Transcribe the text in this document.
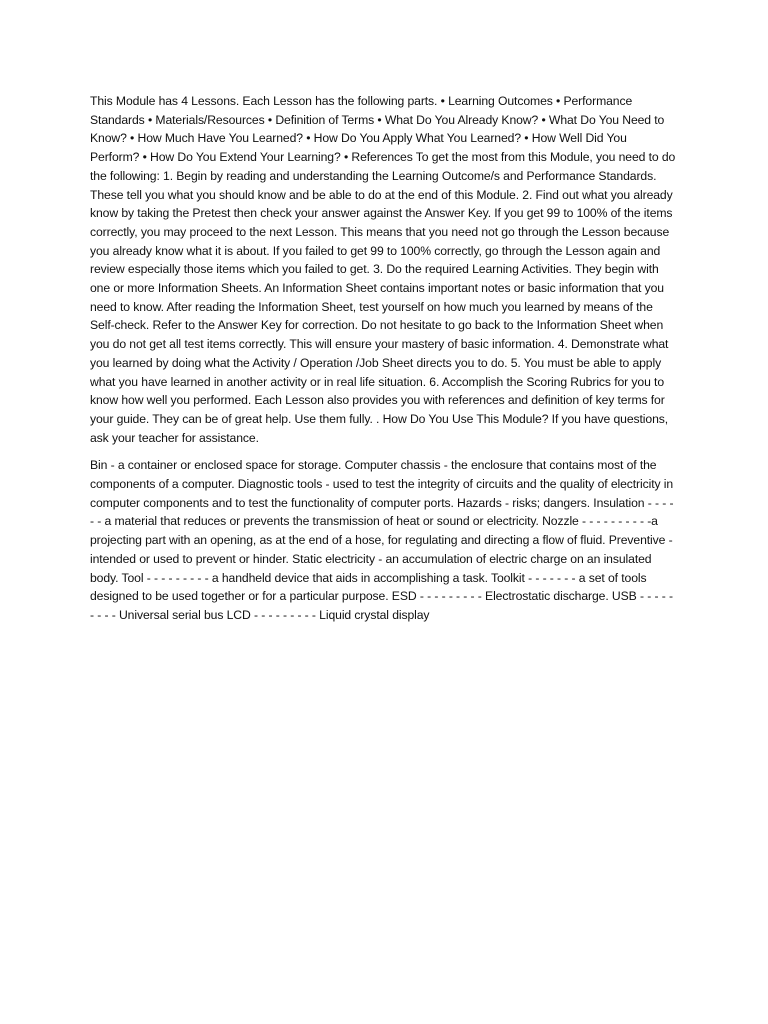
This Module has 4 Lessons. Each Lesson has the following parts. • Learning Outcomes • Performance Standards • Materials/Resources • Definition of Terms • What Do You Already Know? • What Do You Need to Know? • How Much Have You Learned? • How Do You Apply What You Learned? • How Well Did You Perform? • How Do You Extend Your Learning? • References To get the most from this Module, you need to do the following: 1. Begin by reading and understanding the Learning Outcome/s and Performance Standards. These tell you what you should know and be able to do at the end of this Module. 2. Find out what you already know by taking the Pretest then check your answer against the Answer Key. If you get 99 to 100% of the items correctly, you may proceed to the next Lesson. This means that you need not go through the Lesson because you already know what it is about. If you failed to get 99 to 100% correctly, go through the Lesson again and review especially those items which you failed to get. 3. Do the required Learning Activities. They begin with one or more Information Sheets. An Information Sheet contains important notes or basic information that you need to know. After reading the Information Sheet, test yourself on how much you learned by means of the Self-check. Refer to the Answer Key for correction. Do not hesitate to go back to the Information Sheet when you do not get all test items correctly. This will ensure your mastery of basic information. 4. Demonstrate what you learned by doing what the Activity / Operation /Job Sheet directs you to do. 5. You must be able to apply what you have learned in another activity or in real life situation. 6. Accomplish the Scoring Rubrics for you to know how well you performed. Each Lesson also provides you with references and definition of key terms for your guide. They can be of great help. Use them fully. . How Do You Use This Module? If you have questions, ask your teacher for assistance.

Bin - a container or enclosed space for storage. Computer chassis - the enclosure that contains most of the components of a computer. Diagnostic tools - used to test the integrity of circuits and the quality of electricity in computer components and to test the functionality of computer ports. Hazards - risks; dangers. Insulation - - - - - - a material that reduces or prevents the transmission of heat or sound or electricity. Nozzle - - - - - - - - - -a projecting part with an opening, as at the end of a hose, for regulating and directing a flow of fluid. Preventive - intended or used to prevent or hinder. Static electricity - an accumulation of electric charge on an insulated body. Tool - - - - - - - - - a handheld device that aids in accomplishing a task. Toolkit - - - - - - - a set of tools designed to be used together or for a particular purpose. ESD - - - - - - - - - Electrostatic discharge. USB - - - - - - - - - Universal serial bus LCD - - - - - - - - - Liquid crystal display
